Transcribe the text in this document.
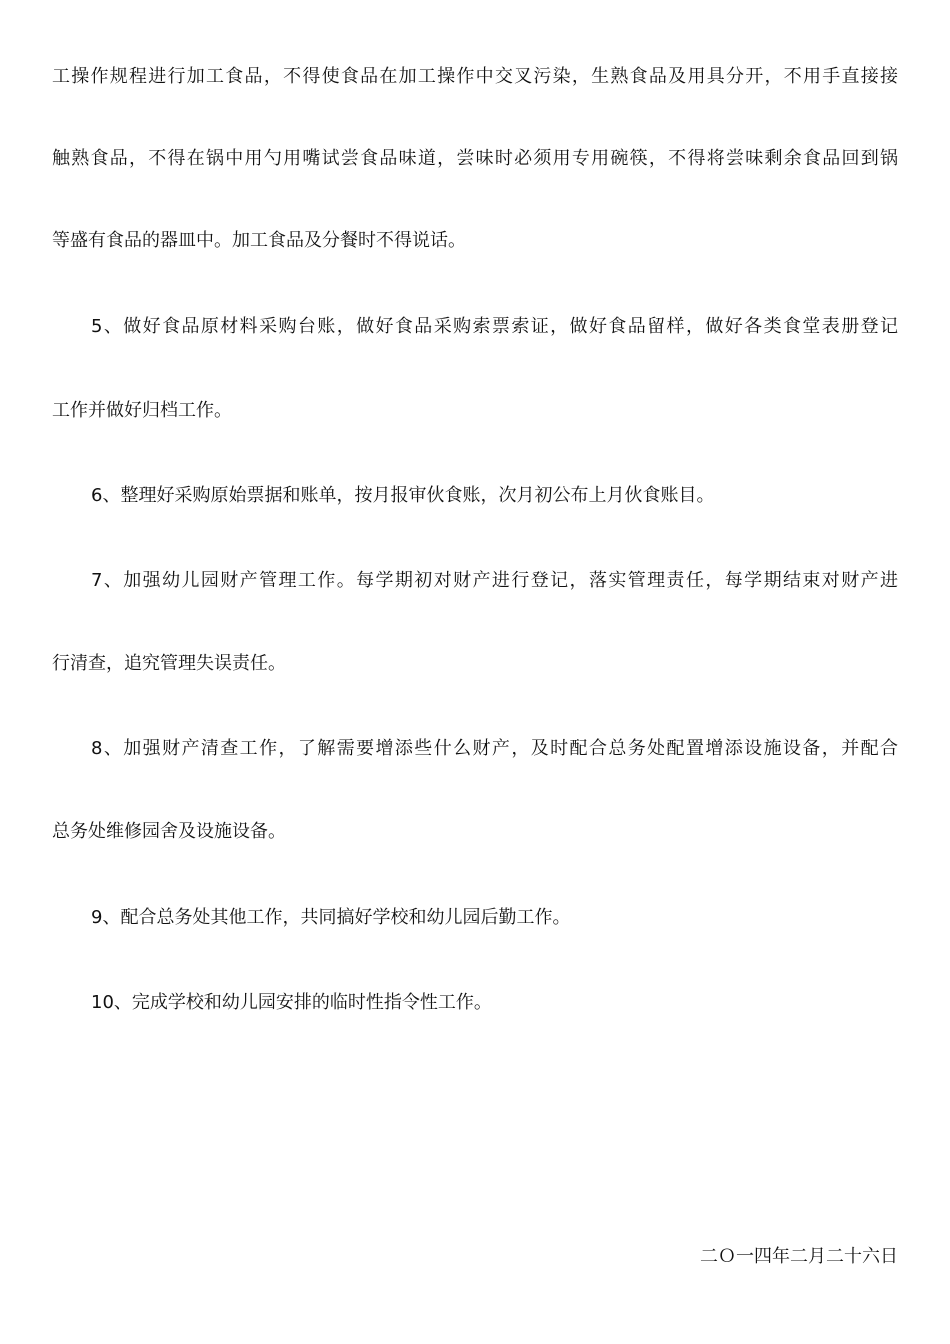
工操作规程进行加工食品，不得使食品在加工操作中交叉污染，生熟食品及用具分开，不用手直接接
触熟食品，不得在锅中用勺用嘴试尝食品味道，尝味时必须用专用碗筷，不得将尝味剩余食品回到锅
等盛有食品的器皿中。加工食品及分餐时不得说话。
5、做好食品原材料采购台账，做好食品采购索票索证，做好食品留样，做好各类食堂表册登记
工作并做好归档工作。
6、整理好采购原始票据和账单，按月报审伙食账，次月初公布上月伙食账目。
7、加强幼儿园财产管理工作。每学期初对财产进行登记，落实管理责任，每学期结束对财产进
行清查，追究管理失误责任。
8、加强财产清查工作，了解需要增添些什么财产，及时配合总务处配置增添设施设备，并配合
总务处维修园舍及设施设备。
9、配合总务处其他工作，共同搞好学校和幼儿园后勤工作。
10、完成学校和幼儿园安排的临时性指令性工作。
二Ｏ一四年二月二十六日
